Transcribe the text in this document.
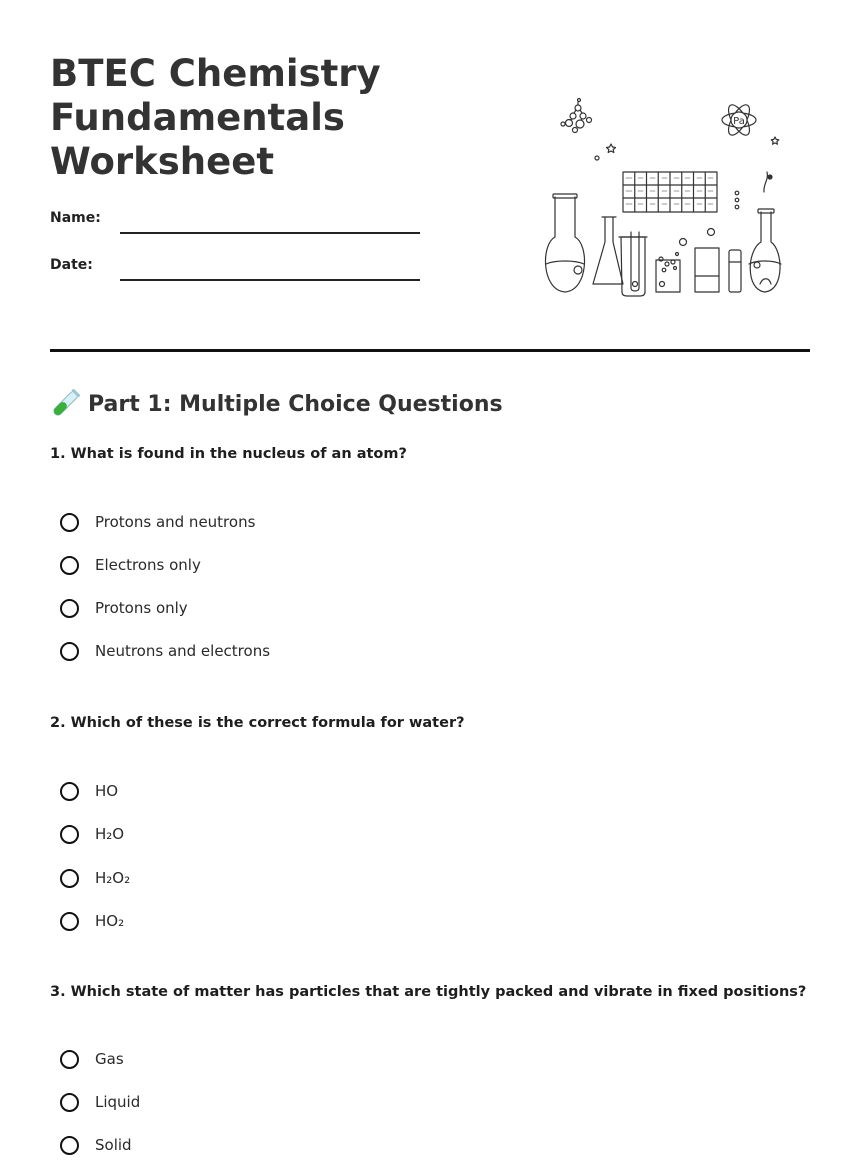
BTEC Chemistry
Fundamentals
Worksheet
Name:
Date:
Pa
Part 1: Multiple Choice Questions

1. What is found in the nucleus of an atom?

Protons and neutrons
Electrons only
Protons only
Neutrons and electrons

2. Which of these is the correct formula for water?

HO
H₂O
H₂O₂
HO₂

3. Which state of matter has particles that are tightly packed and vibrate in fixed positions?

Gas
Liquid
Solid
